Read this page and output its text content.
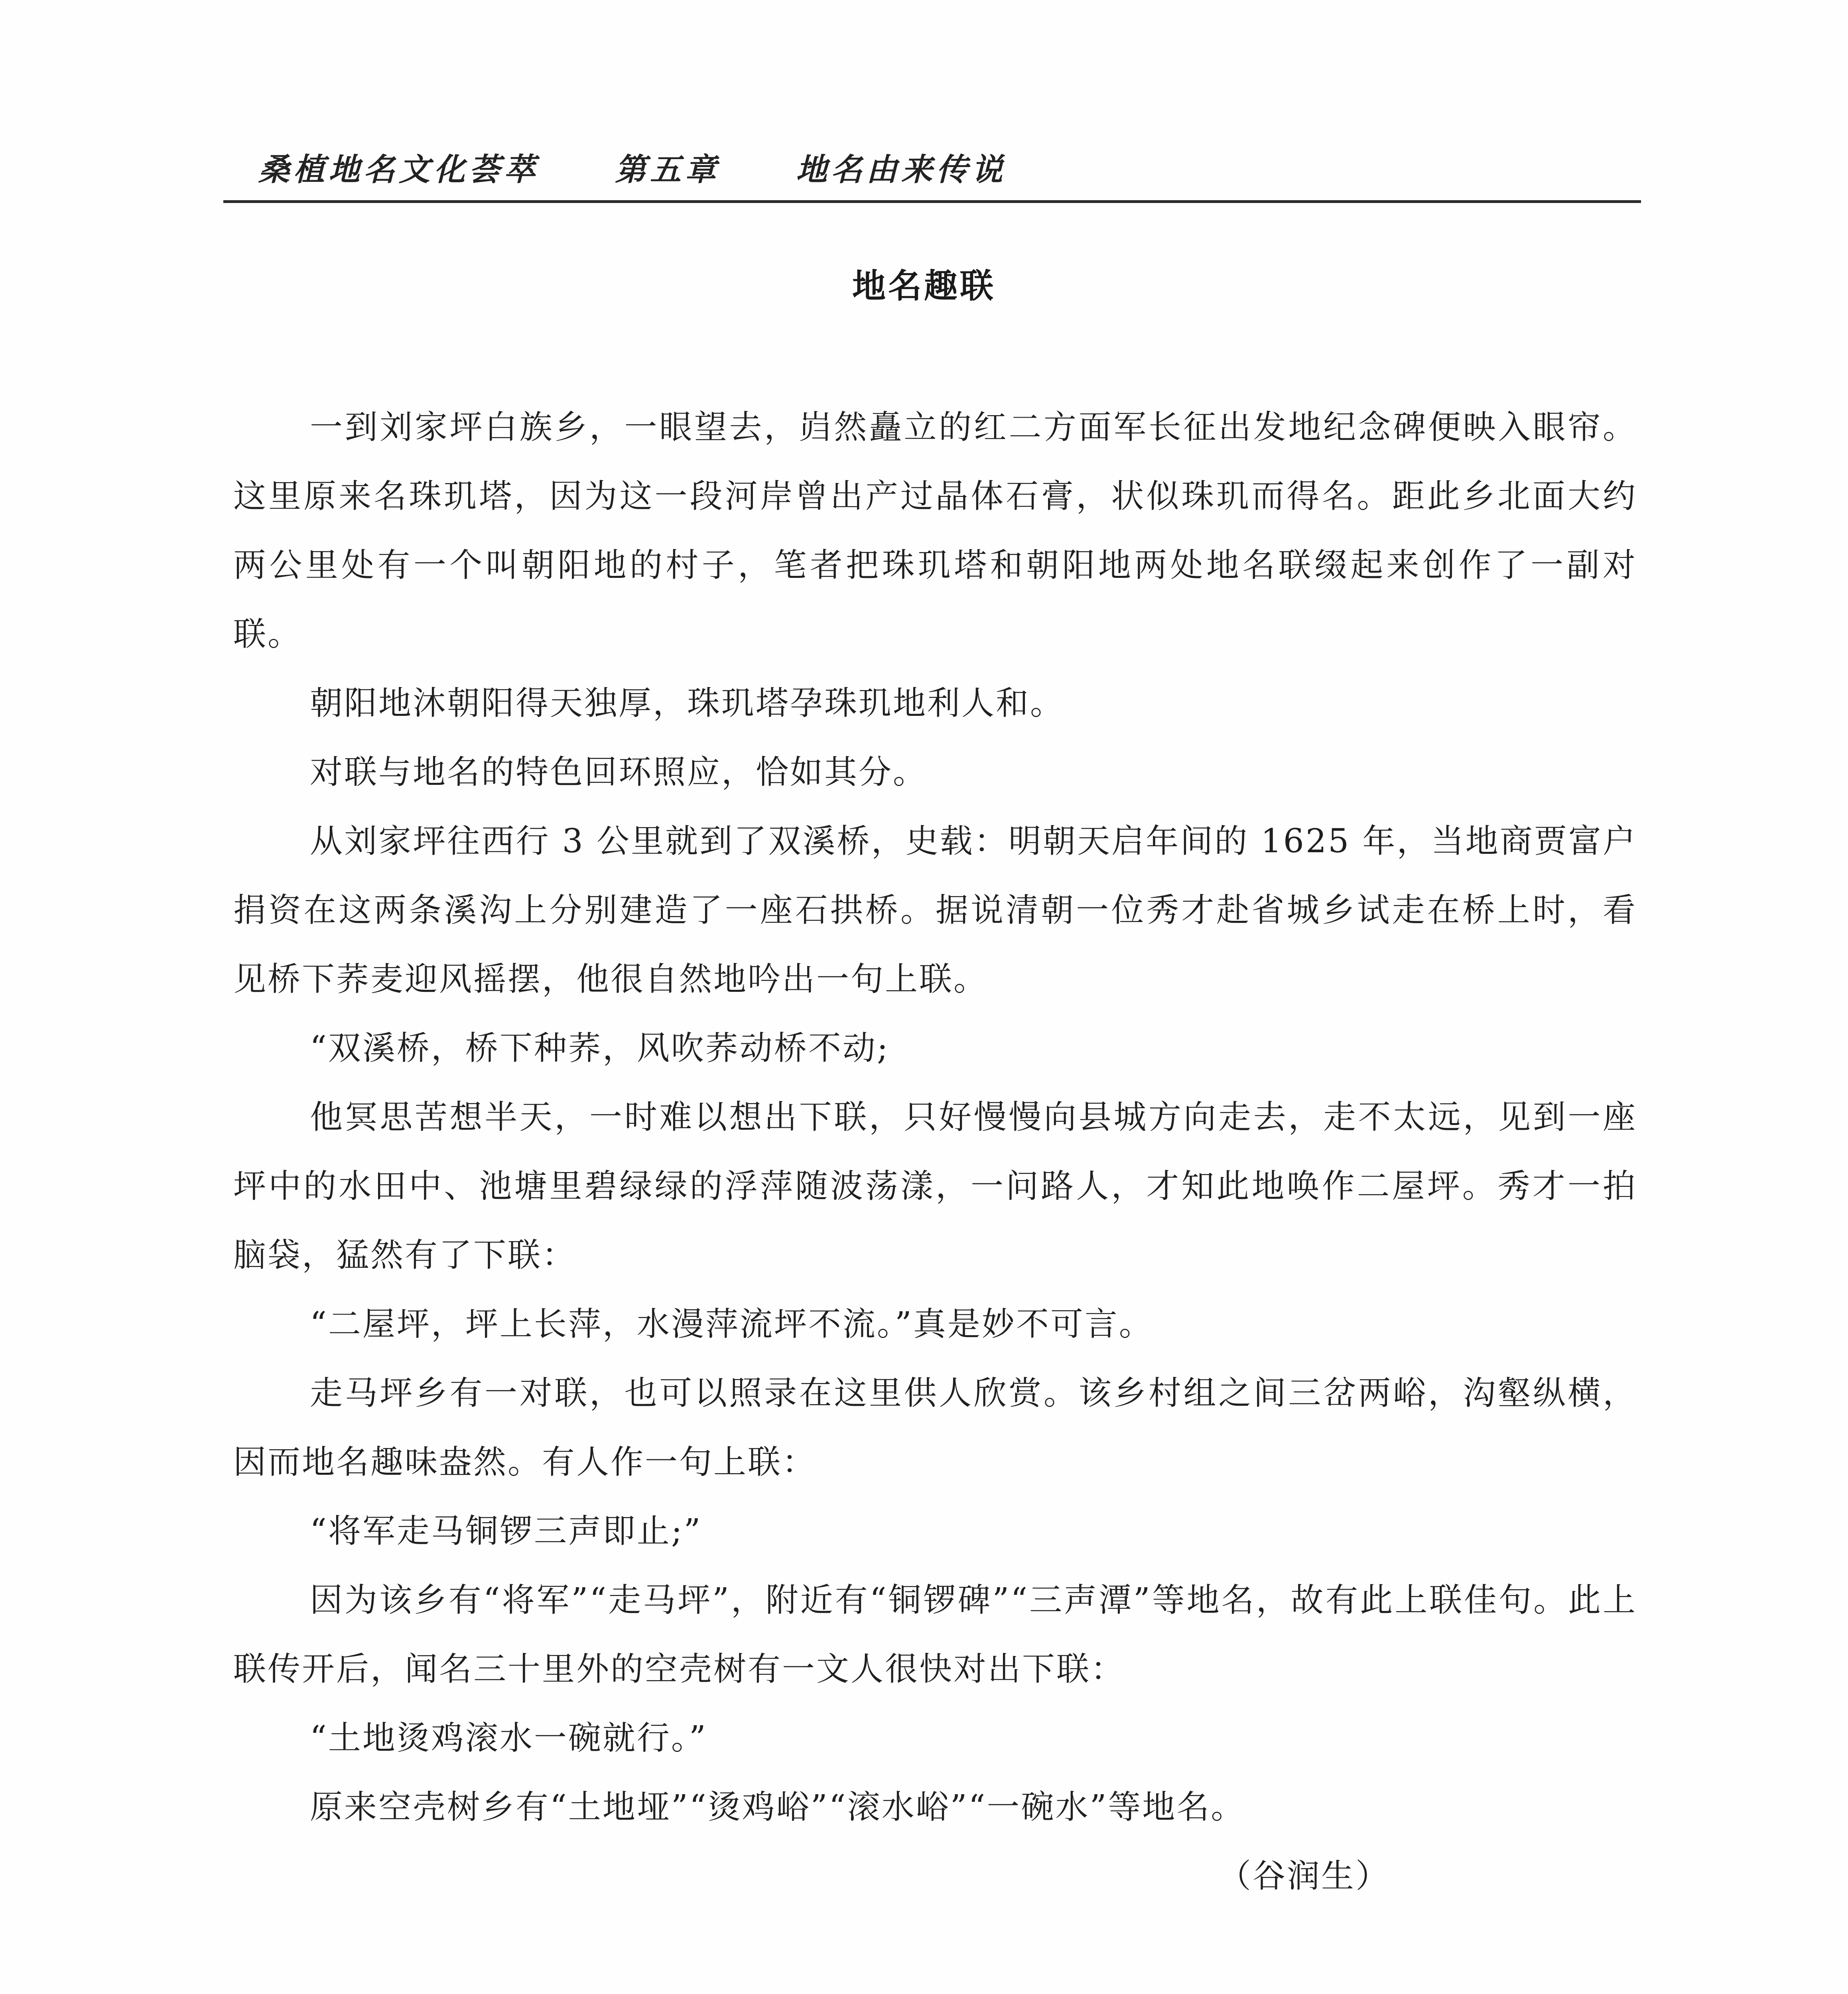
桑植地名文化荟萃 第五章 地名由来传说
地名趣联

一到刘家坪白族乡，一眼望去，岿然矗立的红二方面军长征出发地纪念碑便映入眼帘。这里原来名珠玑塔，因为这一段河岸曾出产过晶体石膏，状似珠玑而得名。距此乡北面大约两公里处有一个叫朝阳地的村子，笔者把珠玑塔和朝阳地两处地名联缀起来创作了一副对联。

朝阳地沐朝阳得天独厚，珠玑塔孕珠玑地利人和。

对联与地名的特色回环照应，恰如其分。

从刘家坪往西行 3 公里就到了双溪桥，史载：明朝天启年间的 1625 年，当地商贾富户捐资在这两条溪沟上分别建造了一座石拱桥。据说清朝一位秀才赴省城乡试走在桥上时，看见桥下荞麦迎风摇摆，他很自然地吟出一句上联。

“双溪桥，桥下种荞，风吹荞动桥不动;

他冥思苦想半天，一时难以想出下联，只好慢慢向县城方向走去，走不太远，见到一座坪中的水田中、池塘里碧绿绿的浮萍随波荡漾，一问路人，才知此地唤作二屋坪。秀才一拍脑袋，猛然有了下联：

“二屋坪，坪上长萍，水漫萍流坪不流。”真是妙不可言。

走马坪乡有一对联，也可以照录在这里供人欣赏。该乡村组之间三岔两峪，沟壑纵横，因而地名趣味盎然。有人作一句上联：

“将军走马铜锣三声即止;”

因为该乡有“将军”“走马坪”，附近有“铜锣碑”“三声潭”等地名，故有此上联佳句。此上联传开后，闻名三十里外的空壳树有一文人很快对出下联：

“土地烫鸡滚水一碗就行。”

原来空壳树乡有“土地垭”“烫鸡峪”“滚水峪”“一碗水”等地名。

（谷润生）
